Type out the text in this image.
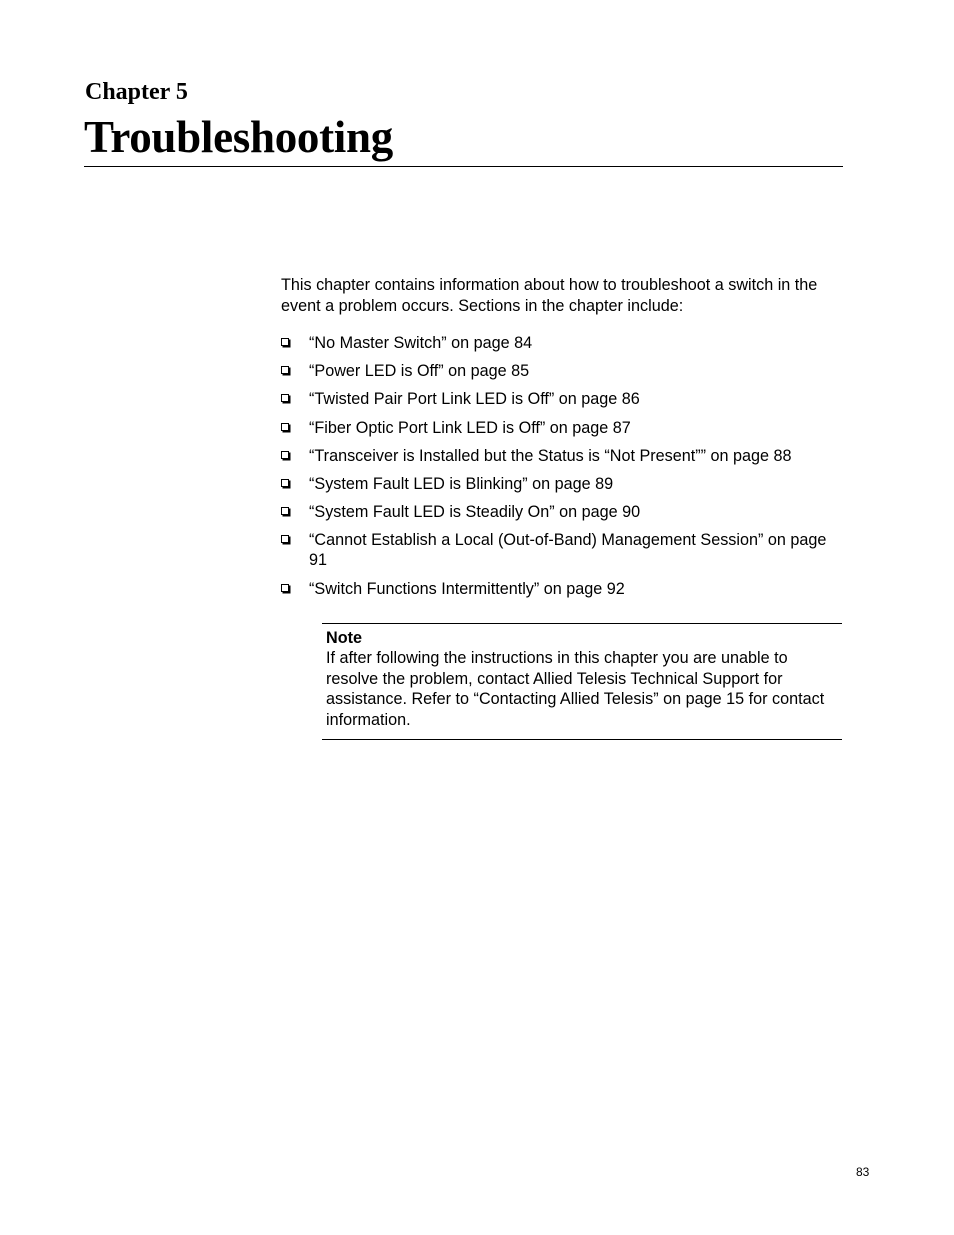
Chapter 5
Troubleshooting

This chapter contains information about how to troubleshoot a switch in the event a problem occurs. Sections in the chapter include:

“No Master Switch” on page 84
“Power LED is Off” on page 85
“Twisted Pair Port Link LED is Off” on page 86
“Fiber Optic Port Link LED is Off” on page 87
“Transceiver is Installed but the Status is “Not Present”” on page 88
“System Fault LED is Blinking” on page 89
“System Fault LED is Steadily On” on page 90
“Cannot Establish a Local (Out-of-Band) Management Session” on page 91
“Switch Functions Intermittently” on page 92

Note

If after following the instructions in this chapter you are unable to resolve the problem, contact Allied Telesis Technical Support for assistance. Refer to “Contacting Allied Telesis” on page 15 for contact information.

83
